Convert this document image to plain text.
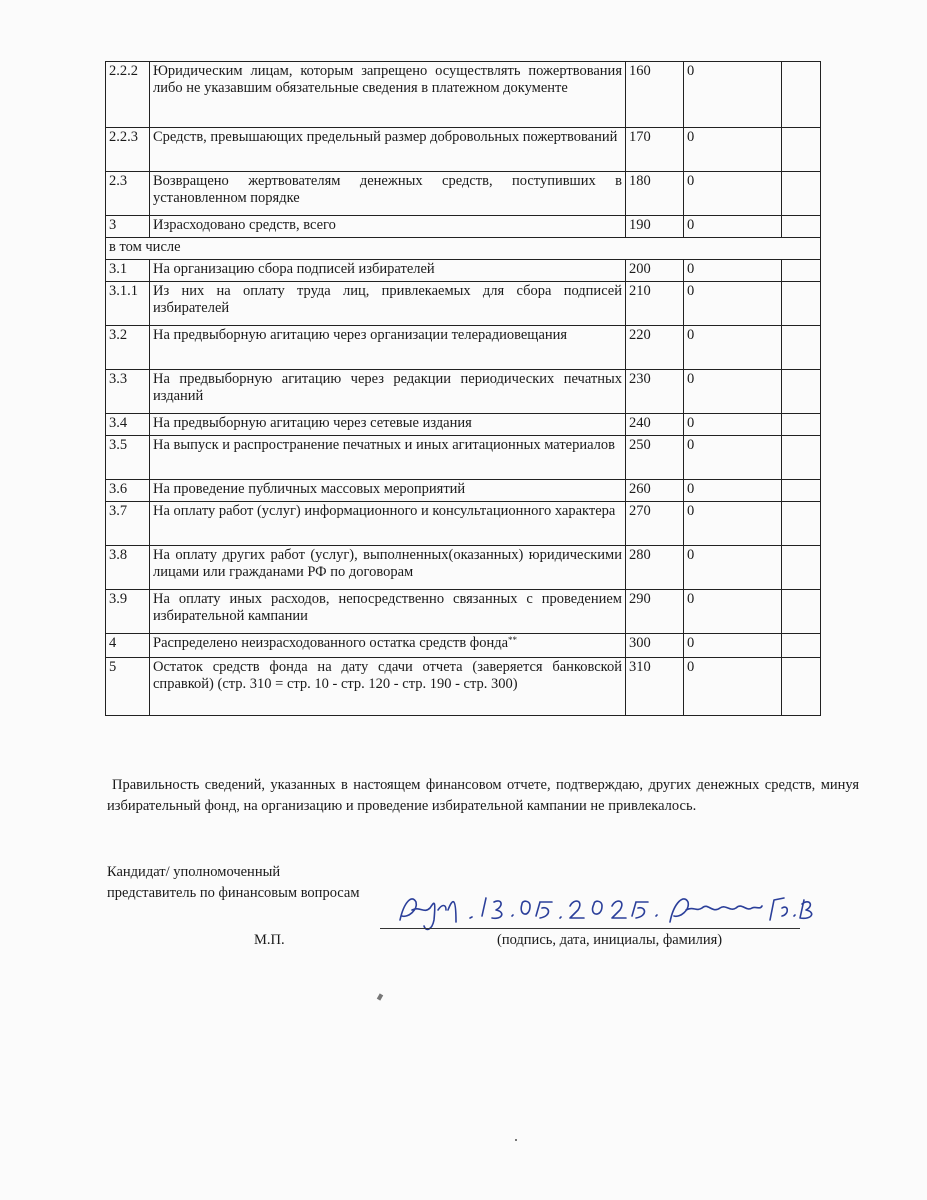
2.2.2	Юридическим лицам, которым запрещено осуществлять пожертвования либо не указавшим обязательные сведения в платежном документе	160	0	
2.2.3	Средств, превышающих предельный размер добровольных пожертвований	170	0	
2.3	Возвращено жертвователям денежных средств, поступивших в установленном порядке	180	0	
3	Израсходовано средств, всего	190	0	
в том числе				
3.1	На организацию сбора подписей избирателей	200	0	
3.1.1	Из них на оплату труда лиц, привлекаемых для сбора подписей избирателей	210	0	
3.2	На предвыборную агитацию через организации телерадиовещания	220	0	
3.3	На предвыборную агитацию через редакции периодических печатных изданий	230	0	
3.4	На предвыборную агитацию через сетевые издания	240	0	
3.5	На выпуск и распространение печатных и иных агитационных материалов	250	0	
3.6	На проведение публичных массовых мероприятий	260	0	
3.7	На оплату работ (услуг) информационного и консультационного характера	270	0	
3.8	На оплату других работ (услуг), выполненных(оказанных) юридическими лицами или гражданами РФ по договорам	280	0	
3.9	На оплату иных расходов, непосредственно связанных с проведением избирательной кампании	290	0	
4	Распределено неизрасходованного остатка средств фонда**	300	0	
5	Остаток средств фонда на дату сдачи отчета (заверяется банковской справкой) (стр. 310 = стр. 10 - стр. 120 - стр. 190 - стр. 300)	310	0	
Правильность сведений, указанных в настоящем финансовом отчете, подтверждаю, других денежных средств, минуя избирательный фонд, на организацию и проведение избирательной кампании не привлекалось.
Кандидат/ уполномоченный
представитель по финансовым вопросам
М.П.	(подпись, дата, инициалы, фамилия)
